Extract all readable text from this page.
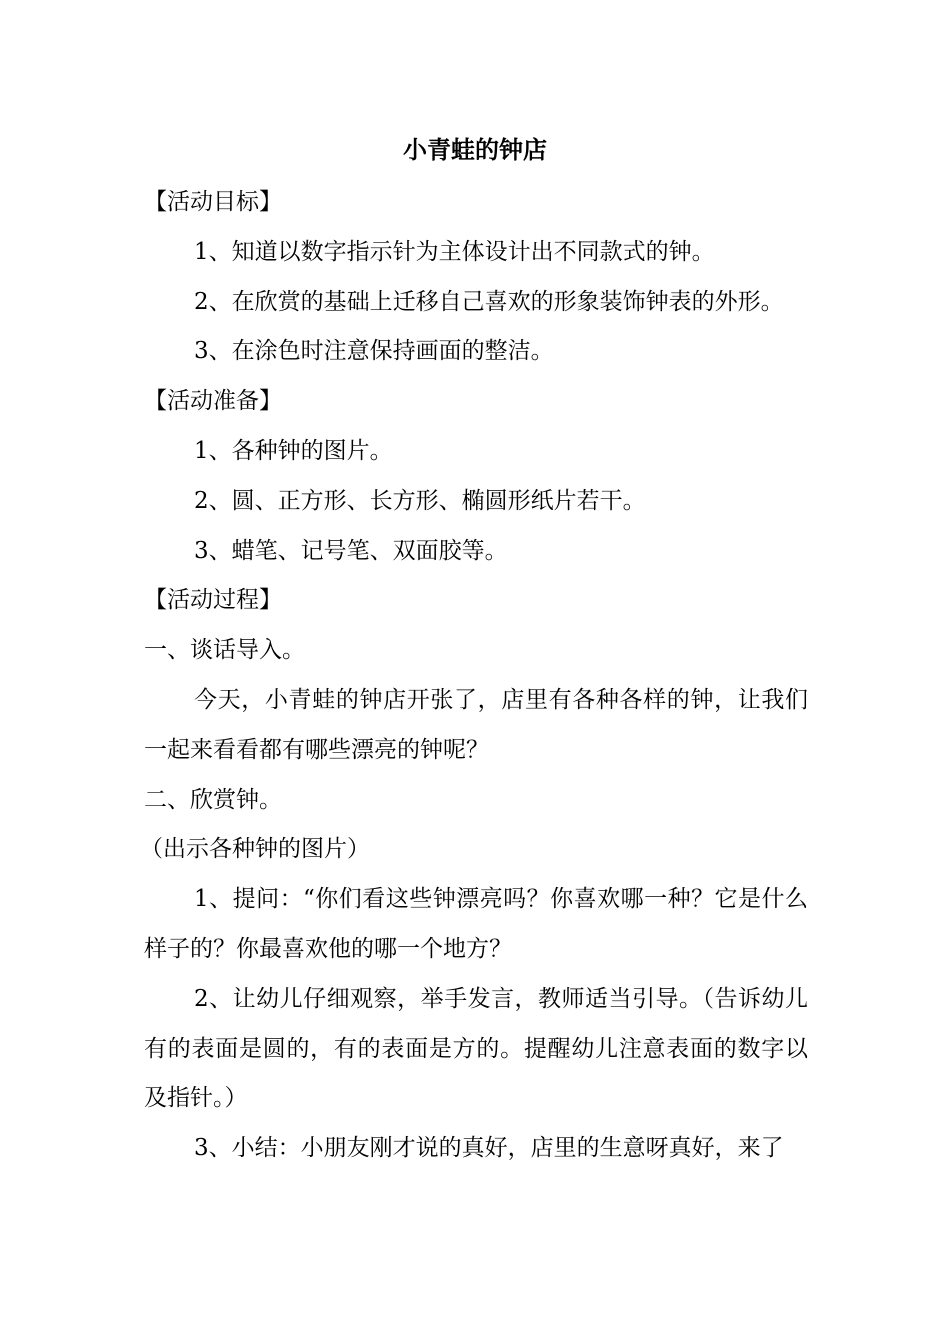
小青蛙的钟店

【活动目标】

1、知道以数字指示针为主体设计出不同款式的钟。

2、在欣赏的基础上迁移自己喜欢的形象装饰钟表的外形。

3、在涂色时注意保持画面的整洁。

【活动准备】

1、各种钟的图片。

2、圆、正方形、长方形、椭圆形纸片若干。

3、蜡笔、记号笔、双面胶等。

【活动过程】

一、谈话导入。

今天，小青蛙的钟店开张了，店里有各种各样的钟，让我们一起来看看都有哪些漂亮的钟呢？

二、欣赏钟。

（出示各种钟的图片）

1、提问：“你们看这些钟漂亮吗？你喜欢哪一种？它是什么样子的？你最喜欢他的哪一个地方？

2、让幼儿仔细观察，举手发言，教师适当引导。（告诉幼儿有的表面是圆的，有的表面是方的。提醒幼儿注意表面的数字以及指针。）

3、小结：小朋友刚才说的真好，店里的生意呀真好，来了
